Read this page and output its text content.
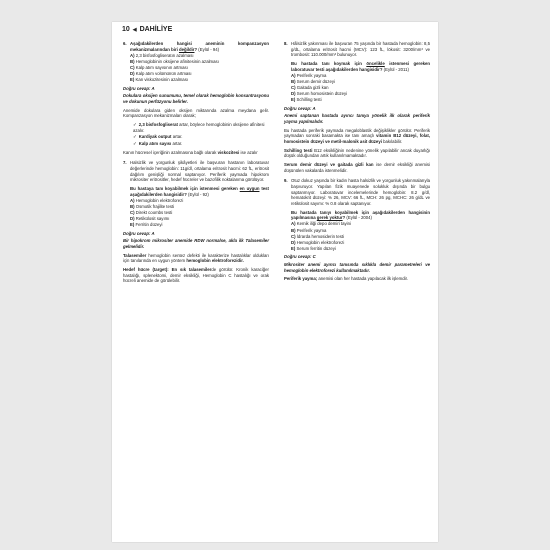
10 ◀ DAHİLİYE
6. Aşağıdakilerden hangisi aneminin kompanzasyon mekanizmalarından biri değildir? (Eylül - 94)
A) 2,3 bisfosfogliseratın azalması
B) Hemoglobinin oksijene afinitesinin azalması
C) Kalp atım sayısının artması
D) Kalp atım volümünün artması
E) Kan viskozitesinin azalması
Doğru cevap: A
Dokulara oksijen sunumunu, temel olarak hemoglobin konsantrasyonu ve dokunun perfüzyonu belirler.
Anemide dokulara giden oksijen miktarında azalma meydana gelir. Kompanzasyon mekanizmaları olarak;
✓ 2,3 bisfosfogliserat artar, böylece hemoglobinin oksijene afinitesi azalır.
✓ Kardiyak output artar.
✓ Kalp atım sayısı artar.
Kanın hücresel içeriğinin azalmasına bağlı olarak viskozitesi ise azalır
7. Halsizlik ve yorgunluk şikâyetleri ile başvuran hastanın laboratuvar değerlerinde hemoglobin: 11g/dl, ortalama eritrosit hacmi: 62 fL, eritrosit dağılım genişliği normal saptanıyor. Periferik yaymada hipokrom mikrositer eritrositler, hedef hücreler ve bazofilik noktalanma görülüyor.
Bu hastaya tanı koyabilmek için istenmesi gereken en uygun test aşağıdakilerden hangisidir? (Eylül - 92)
A) Hemoglobin elektroforezi
B) Osmotik frajilite testi
C) Direkt coombs testi
D) Retikülosit sayımı
E) Ferritin düzeyi
Doğru cevap: A
Bir hipokrom mikrositer anemide RDW normalse, akla ilk Talasemiler gelmelidir.
Talasemiler hemoglobin sentez defekti ile karakterize hastalıklar oldukları için tanılarında en uygun yöntem hemoglobin elektroforezidir.
Hedef hücre (target): En sık talasemilerde görülür. Kronik karaciğer hastalığı, splenektomi, demir eksikliği, Hemoglobin C hastalığı ve orak hücreli anemide de görülebilir.
8. Hâlsizlik yakınması ile başvuran 75 yaşında bir hastada hemoglobin: 8,5 g/dL, ortalama eritrosit hacmi (MCV): 123 fL, lökosit: 3200/mm³ ve trombosit: 110.000/mm³ bulunuyor.
Bu hastada tanı koymak için öncelikle istenmesi gereken laboratuvar testi aşağıdakilerden hangisidir? (Eylül - 2011)
A) Periferik yayma
B) Serum demir düzeyi
C) Gaitada gizli kan
D) Serum homosistein düzeyi
E) Schilling testi
Doğru cevap: A
Anemi saptanan hastada ayırıcı tanıya yönelik ilk olarak periferik yayma yapılmalıdır.
Bu hastada periferik yaymada megaloblastik değişiklikler görülür. Periferik yaymadan sonraki basamakta ise tanı amaçlı vitamin B12 düzeyi, folat, homosistein düzeyi ve metil-malonik asit düzeyi bakılabilir.
Schilling testi B12 eksikliğinin nedenine yönelik yapılabilir ancak duyarlığı düşük olduğundan artık kullanılmamaktadır.
Serum demir düzeyi ve gaitada gizli kan ise demir eksikliği anemisi düşünülen vakalarda istenmelidir.
9. Otuz dokuz yaşında bir kadın hasta halsizlik ve yorgunluk yakınmalarıyla başvuruyor. Yapılan fizik muayenede solukluk dışında bir bulgu saptanmıyor. Laboratuvar incelemelerinde hemoglobin: 8.2 g/dl, hematokrit düzeyi: % 26, MCV: 66 fL, MCH: 26 pg, MCHC: 26 g/dL ve retikülosit sayımı: % 0.8 olarak saptanıyor.
Bu hastada tanıyı koyabilmek için aşağıdakilerden hangisinin yapılmasına gerek yoktur? (Eylül - 2004)
A) Kemik iliği depo demiri tayini
B) Periferik yayma
C) İdrarda hemosiderin testi
D) Hemoglobin elektroforezi
E) Serum ferritin düzeyi
Doğru cevap: C
Mikrositer anemi ayırıcı tanısında sıklıkla demir parametreleri ve hemoglobin elektroforezi kullanılmaktadır.
Periferik yayma; anemisi olan her hastada yapılacak ilk işlemdir.
